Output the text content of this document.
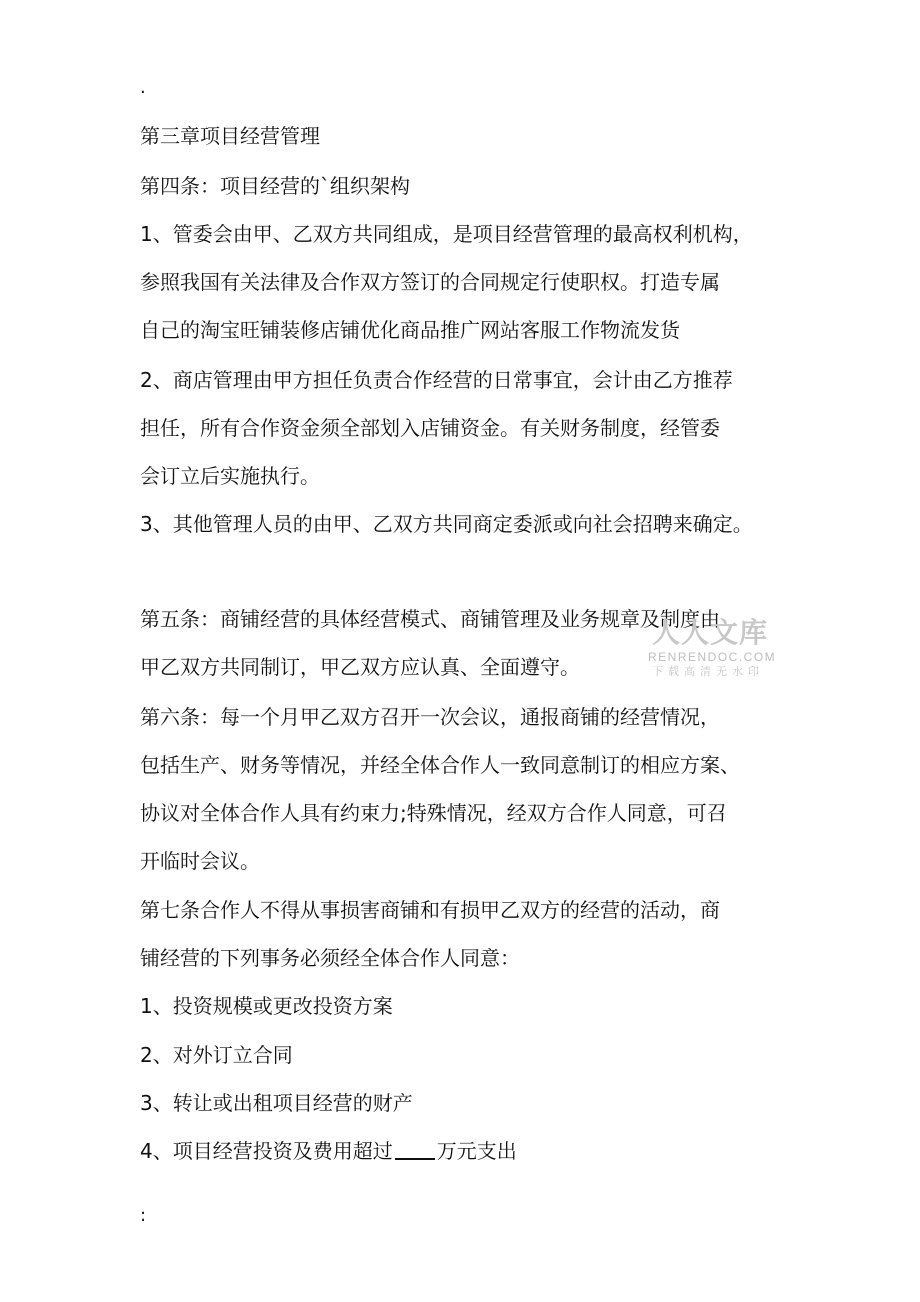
.
第三章项目经营管理
第四条：项目经营的`组织架构
1、管委会由甲、乙双方共同组成，是项目经营管理的最高权利机构，
参照我国有关法律及合作双方签订的合同规定行使职权。打造专属
自己的淘宝旺铺装修店铺优化商品推广网站客服工作物流发货
2、商店管理由甲方担任负责合作经营的日常事宜，会计由乙方推荐
担任，所有合作资金须全部划入店铺资金。有关财务制度，经管委
会订立后实施执行。
3、其他管理人员的由甲、乙双方共同商定委派或向社会招聘来确定。
第五条：商铺经营的具体经营模式、商铺管理及业务规章及制度由
甲乙双方共同制订，甲乙双方应认真、全面遵守。
第六条：每一个月甲乙双方召开一次会议，通报商铺的经营情况，
包括生产、财务等情况，并经全体合作人一致同意制订的相应方案、
协议对全体合作人具有约束力;特殊情况，经双方合作人同意，可召
开临时会议。
第七条合作人不得从事损害商铺和有损甲乙双方的经营的活动，商
铺经营的下列事务必须经全体合作人同意：
1、投资规模或更改投资方案
2、对外订立合同
3、转让或出租项目经营的财产
4、项目经营投资及费用超过 万元支出
:
人人文库
RENRENDOC.COM
下载高清无水印
